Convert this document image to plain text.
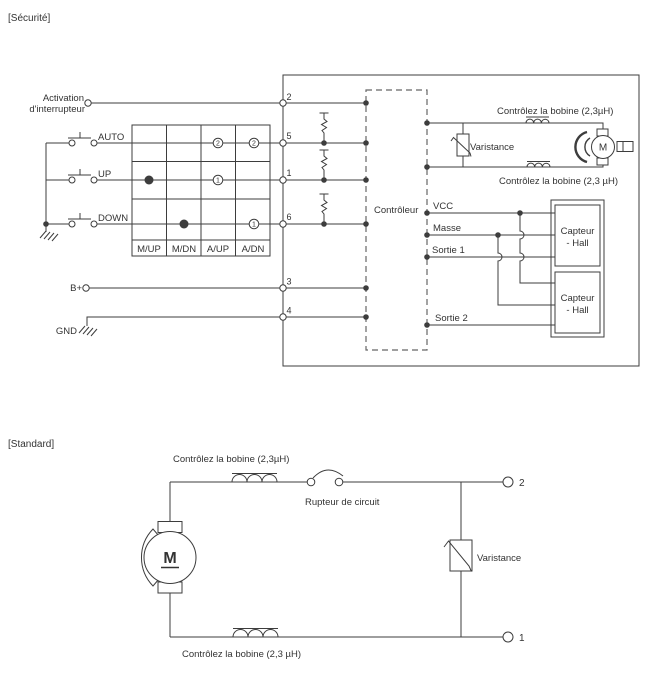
[Sécurité]
Contrôleur
Activation
d'interrupteur
AUTO
UP
DOWN
M/UP M/DN A/UP A/DN
2	2
1
1
B+
GND
2
5
1
6
3
4
Contrôlez la bobine (2,3µH)
Contrôlez la bobine (2,3 µH)
Varistance	M
VCC
Masse
Sortie 1
Sortie 2
Capteur
- Hall
Capteur
- Hall
[Standard]
Contrôlez la bobine (2,3µH)
Contrôlez la bobine (2,3 µH)
Rupteur de circuit
Varistance
M
2
1
